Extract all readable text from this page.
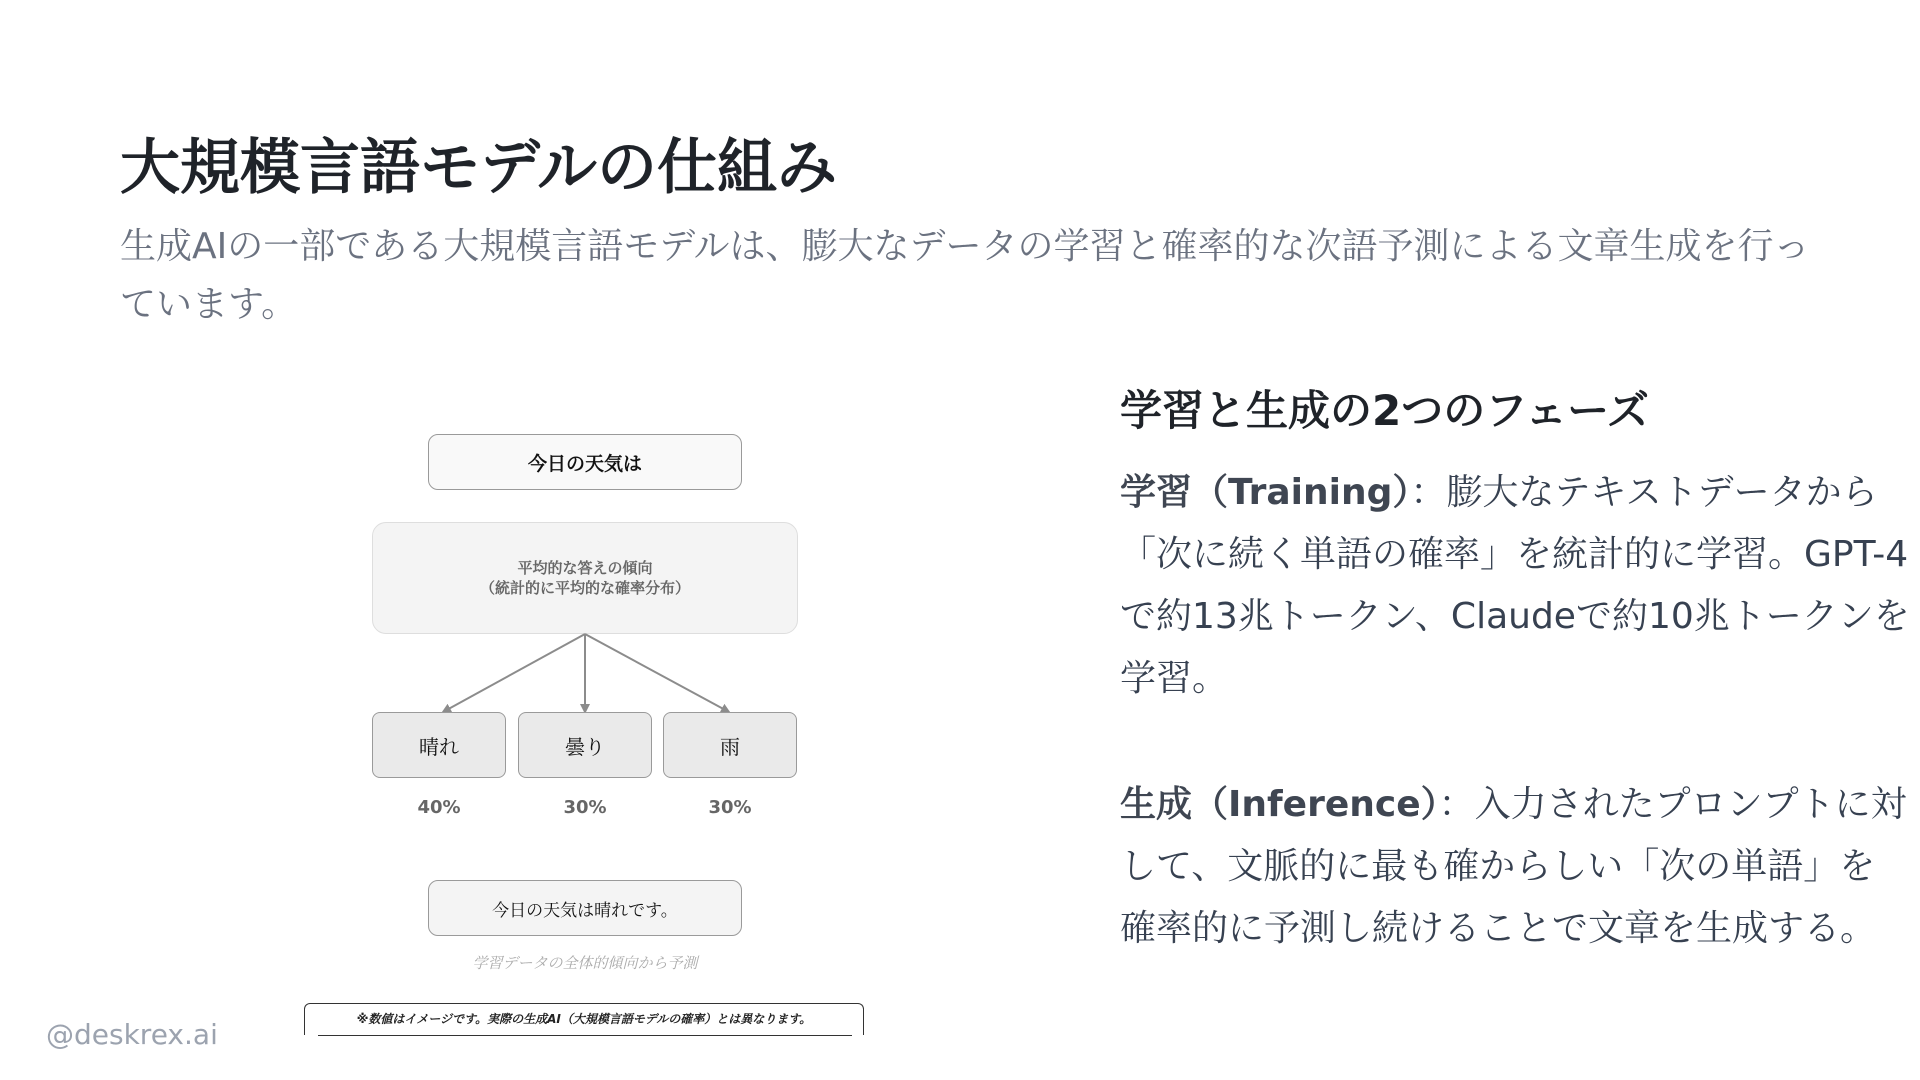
大規模言語モデルの仕組み

生成AIの一部である大規模言語モデルは、膨大なデータの学習と確率的な次語予測による文章生成を行っています。

今日の天気は
平均的な答えの傾向
（統計的に平均的な確率分布）
晴れ	曇り	雨
40%	30%	30%
今日の天気は晴れです。
学習データの全体的傾向から予測
※数値はイメージです。実際の生成AI（大規模言語モデルの確率）とは異なります。
学習と生成の2つのフェーズ

学習（Training）：膨大なテキストデータから「次に続く単語の確率」を統計的に学習。GPT-4で約13兆トークン、Claudeで約10兆トークンを学習。

生成（Inference）：入力されたプロンプトに対して、文脈的に最も確からしい「次の単語」を確率的に予測し続けることで文章を生成する。

@deskrex.ai
